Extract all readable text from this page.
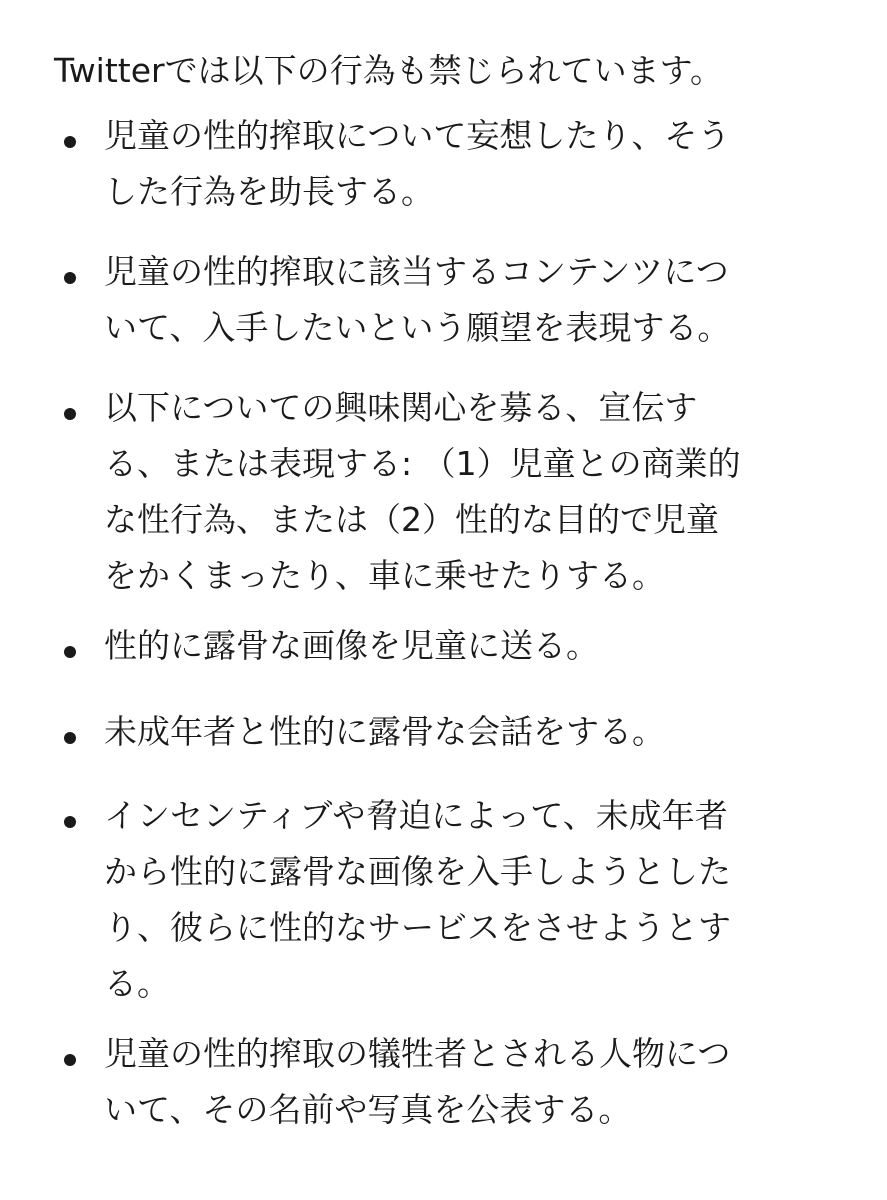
Twitterでは以下の行為も禁じられています。
児童の性的搾取について妄想したり、そう
した行為を助長する。
児童の性的搾取に該当するコンテンツにつ
いて、入手したいという願望を表現する。
以下についての興味関心を募る、宣伝す
る、または表現する: （1）児童との商業的
な性行為、または（2）性的な目的で児童
をかくまったり、車に乗せたりする。
性的に露骨な画像を児童に送る。
未成年者と性的に露骨な会話をする。
インセンティブや脅迫によって、未成年者
から性的に露骨な画像を入手しようとした
り、彼らに性的なサービスをさせようとす
る。
児童の性的搾取の犠牲者とされる人物につ
いて、その名前や写真を公表する。
